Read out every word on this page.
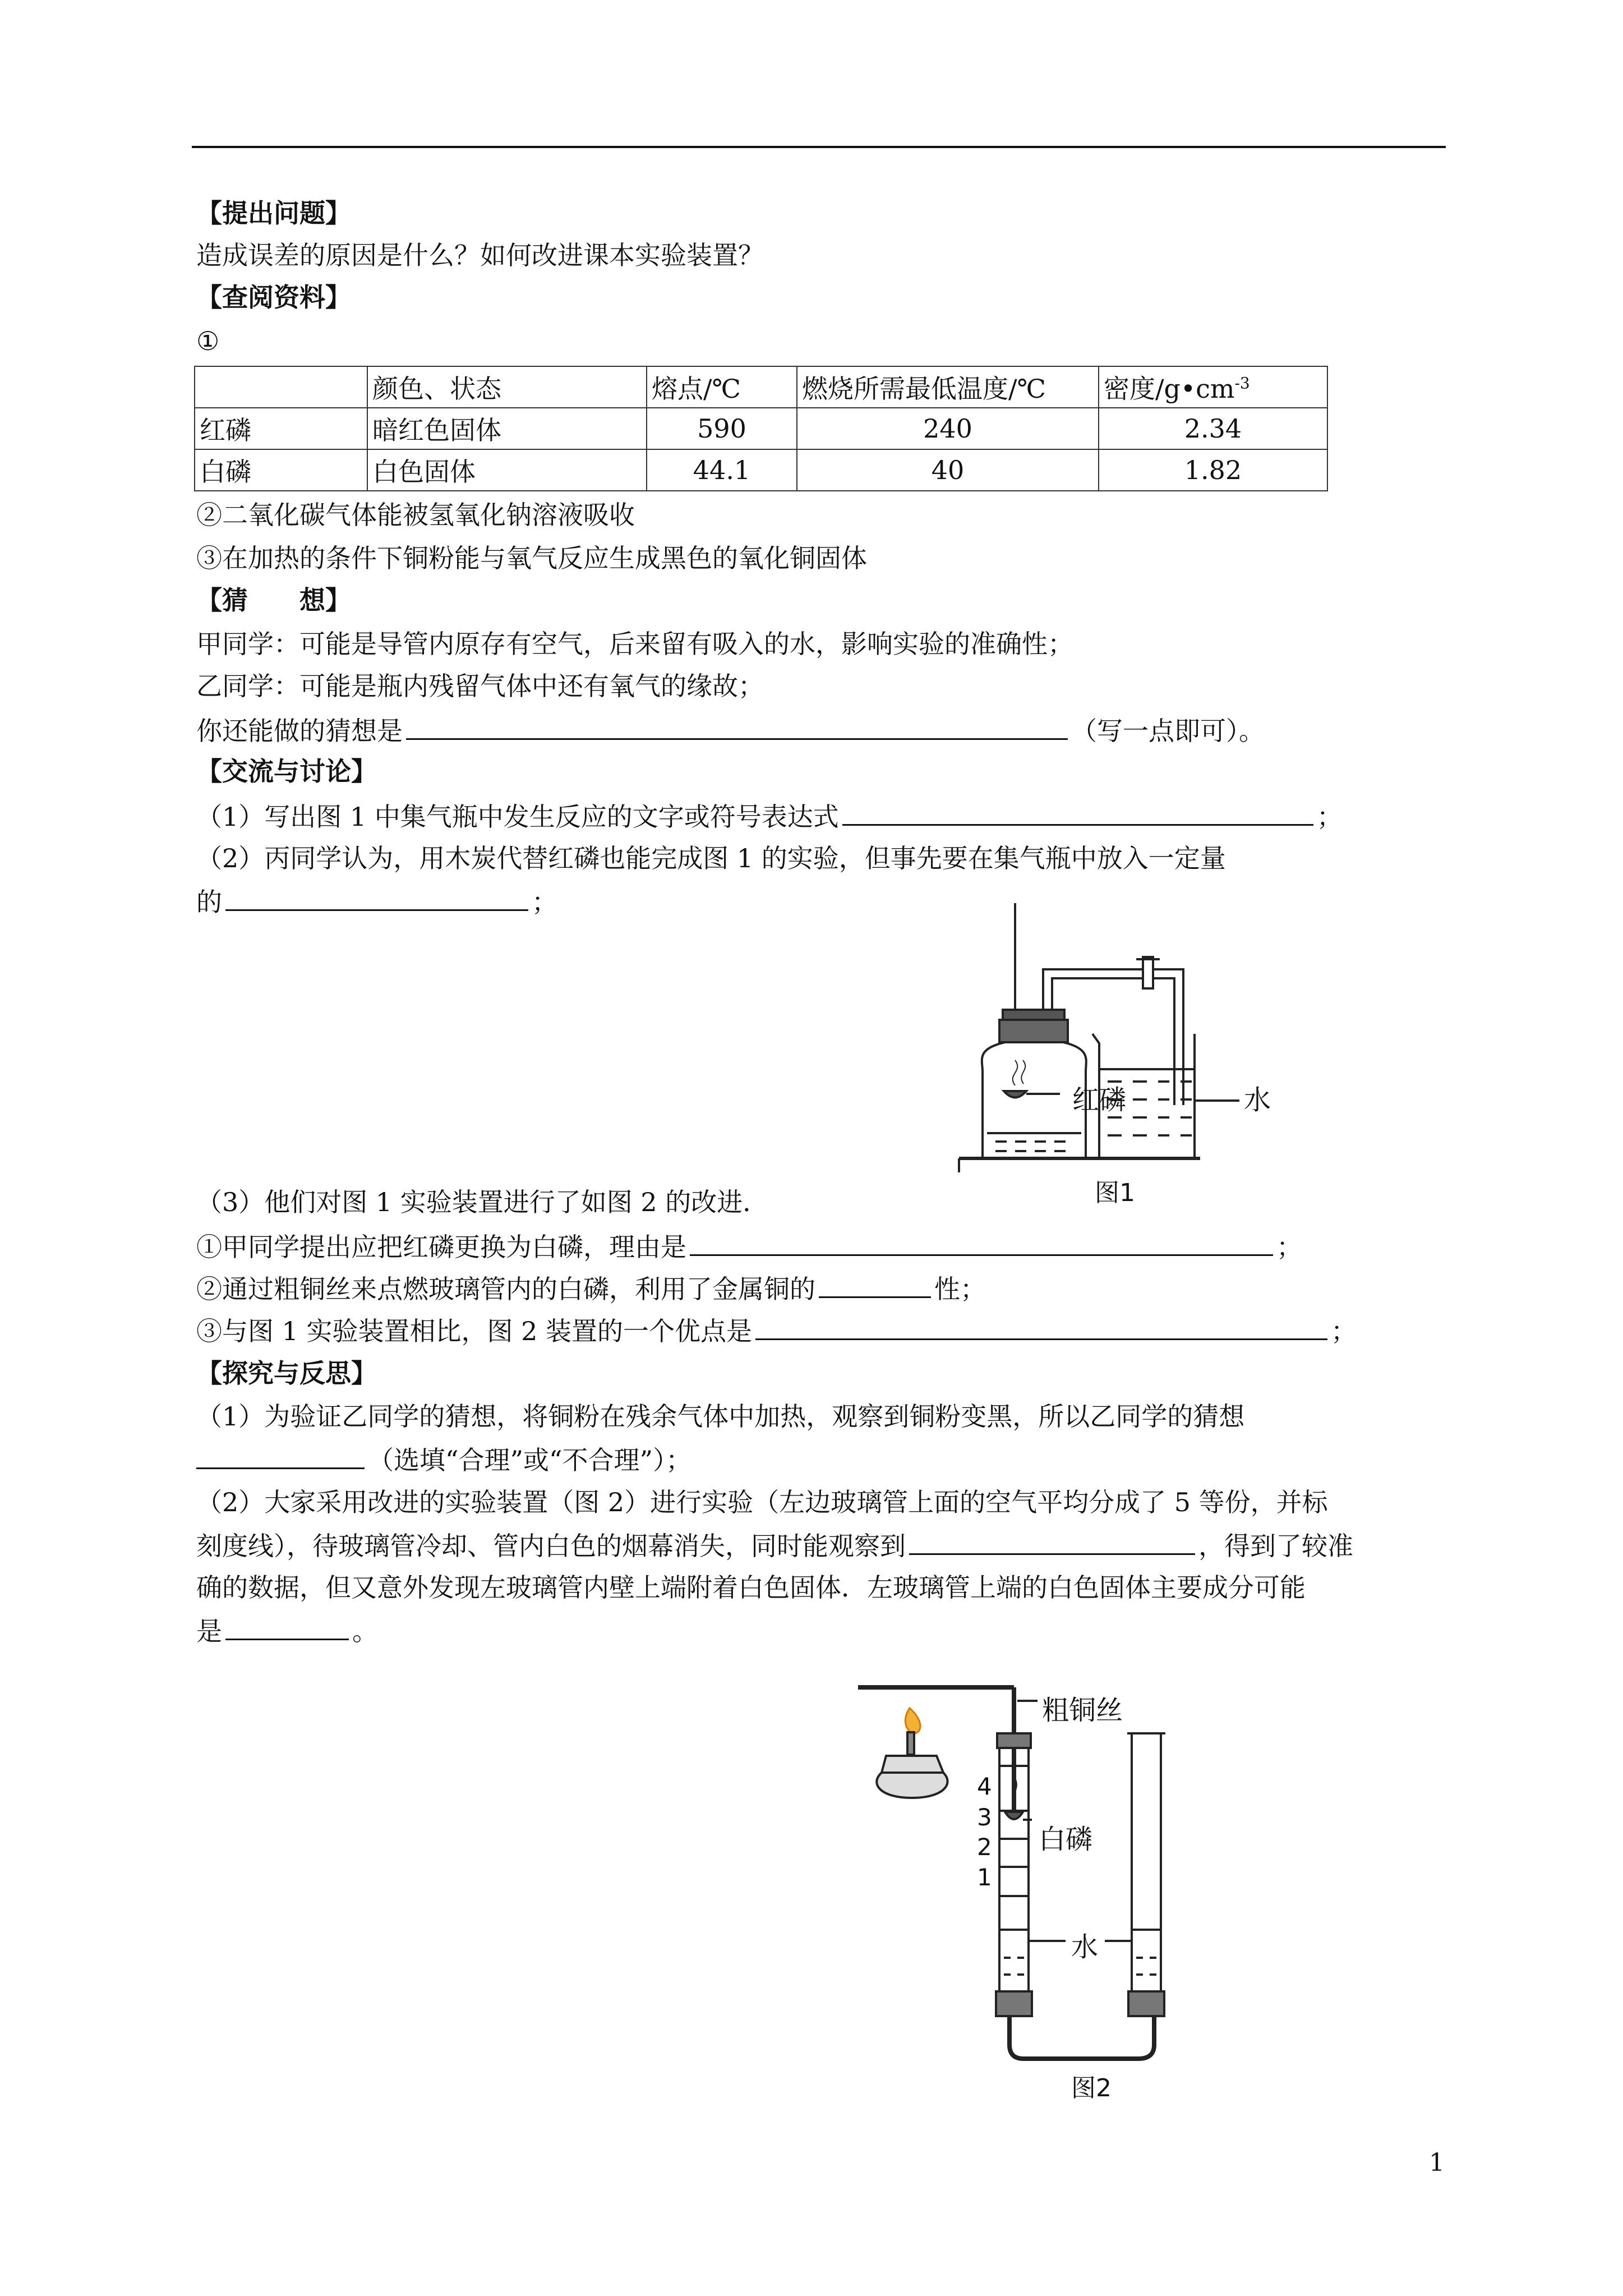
【提出问题】
造成误差的原因是什么？如何改进课本实验装置？
【查阅资料】
①
	颜色、状态	熔点/℃	燃烧所需最低温度/℃	密度$/g•cm^{-3}$
红磷	暗红色固体	590	240	2.34
白磷	白色固体	44.1	40	1.82
②二氧化碳气体能被氢氧化钠溶液吸收
③在加热的条件下铜粉能与氧气反应生成黑色的氧化铜固体
【猜　　想】
甲同学：可能是导管内原存有空气，后来留有吸入的水，影响实验的准确性；
乙同学：可能是瓶内残留气体中还有氧气的缘故；
你还能做的猜想是	（写一点即可）。
【交流与讨论】
（1）写出图 1 中集气瓶中发生反应的文字或符号表达式	；
（2）丙同学认为，用木炭代替红磷也能完成图 1 的实验，但事先要在集气瓶中放入一定量
的	；
红磷	水
图1
（3）他们对图 1 实验装置进行了如图 2 的改进．
①甲同学提出应把红磷更换为白磷，理由是	；
②通过粗铜丝来点燃玻璃管内的白磷，利用了金属铜的	性；
③与图 1 实验装置相比，图 2 装置的一个优点是	；
【探究与反思】
（1）为验证乙同学的猜想，将铜粉在残余气体中加热，观察到铜粉变黑，所以乙同学的猜想
（选填“合理”或“不合理”）；
（2）大家采用改进的实验装置（图 2）进行实验（左边玻璃管上面的空气平均分成了 5 等份，并标
刻度线），待玻璃管冷却、管内白色的烟幕消失，同时能观察到	，得到了较准
确的数据，但又意外发现左玻璃管内壁上端附着白色固体．左玻璃管上端的白色固体主要成分可能
是	。
粗铜丝
白磷
水
4
3
2
1
图2
1
